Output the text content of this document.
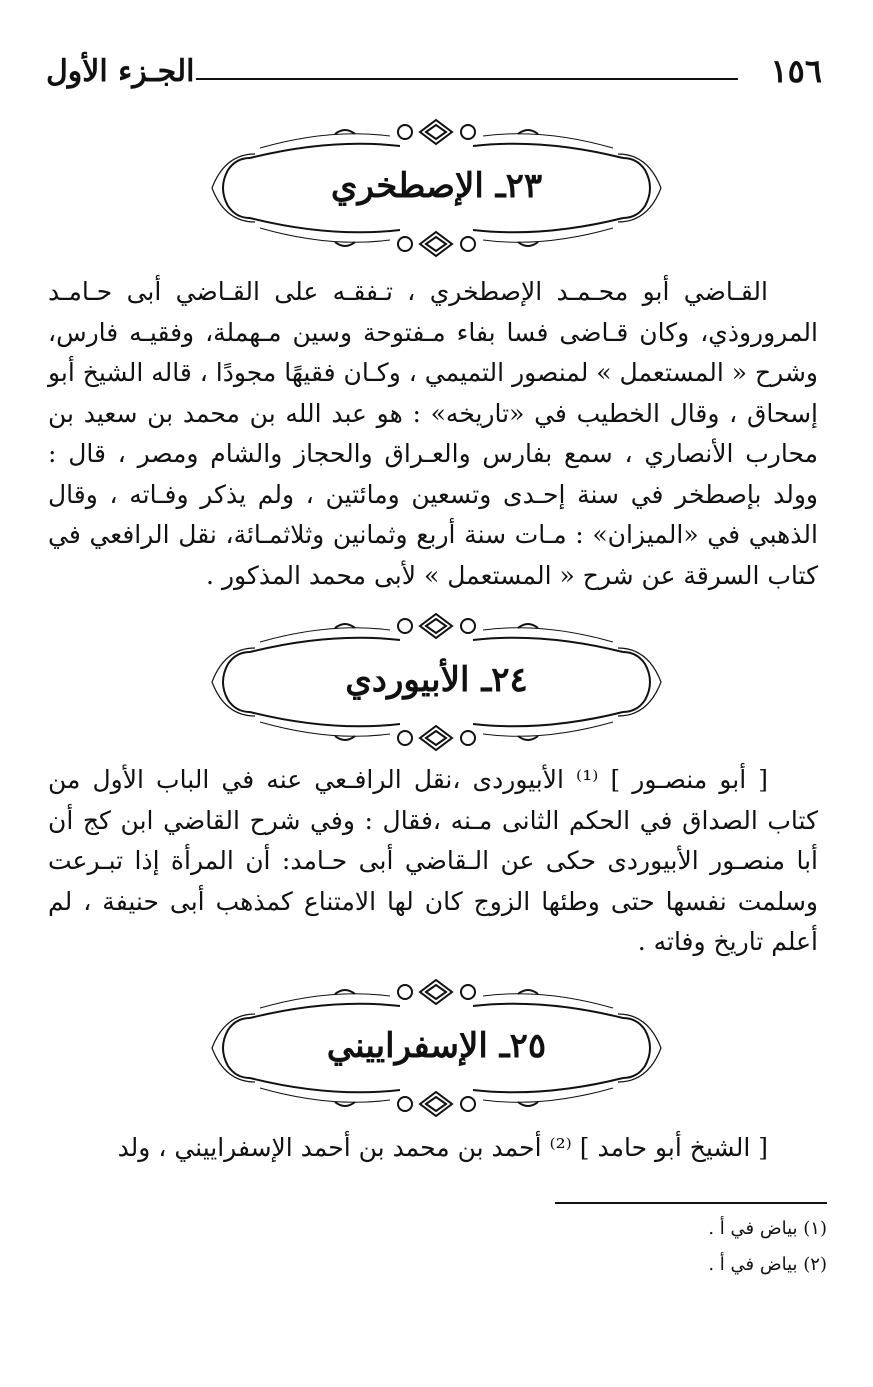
الجـزء الأول	١٥٦
٢٣ـ الإصطخري
القـاضي أبو محـمـد الإصطخري ، تـفقـه على القـاضي أبى حـامـد المروروذي، وكان قـاضى فسا بفاء مـفتوحة وسين مـهملة، وفقيـه فارس، وشرح « المستعمل » لمنصور التميمي ، وكـان فقيهًا مجودًا ، قاله الشيخ أبو إسحاق ، وقال الخطيب في «تاريخه» : هو عبد الله بن محمد بن سعيد بن محارب الأنصاري ، سمع بفارس والعـراق والحجاز والشام ومصر ، قال : وولد بإصطخر في سنة إحـدى وتسعين ومائتين ، ولم يذكر وفـاته ، وقال الذهبي في «الميزان» : مـات سنة أربع وثمانين وثلاثمـائة، نقل الرافعي في كتاب السرقة عن شرح « المستعمل » لأبى محمد المذكور .
٢٤ـ الأبيوردي
[ أبو منصـور ] ⁽¹⁾ الأبيوردى ،نقل الرافـعي عنه في الباب الأول من كتاب الصداق في الحكم الثانى مـنه ،فقال : وفي شرح القاضي ابن كج أن أبا منصـور الأبيوردى حكى عن الـقاضي أبى حـامد: أن المرأة إذا تبـرعت وسلمت نفسها حتى وطئها الزوج كان لها الامتناع كمذهب أبى حنيفة ، لم أعلم تاريخ وفاته .
٢٥ـ الإسفراييني
[ الشيخ أبو حامد ] ⁽²⁾ أحمد بن محمد بن أحمد الإسفراييني ، ولد
(١) بياض في أ .
(٢) بياض في أ .
